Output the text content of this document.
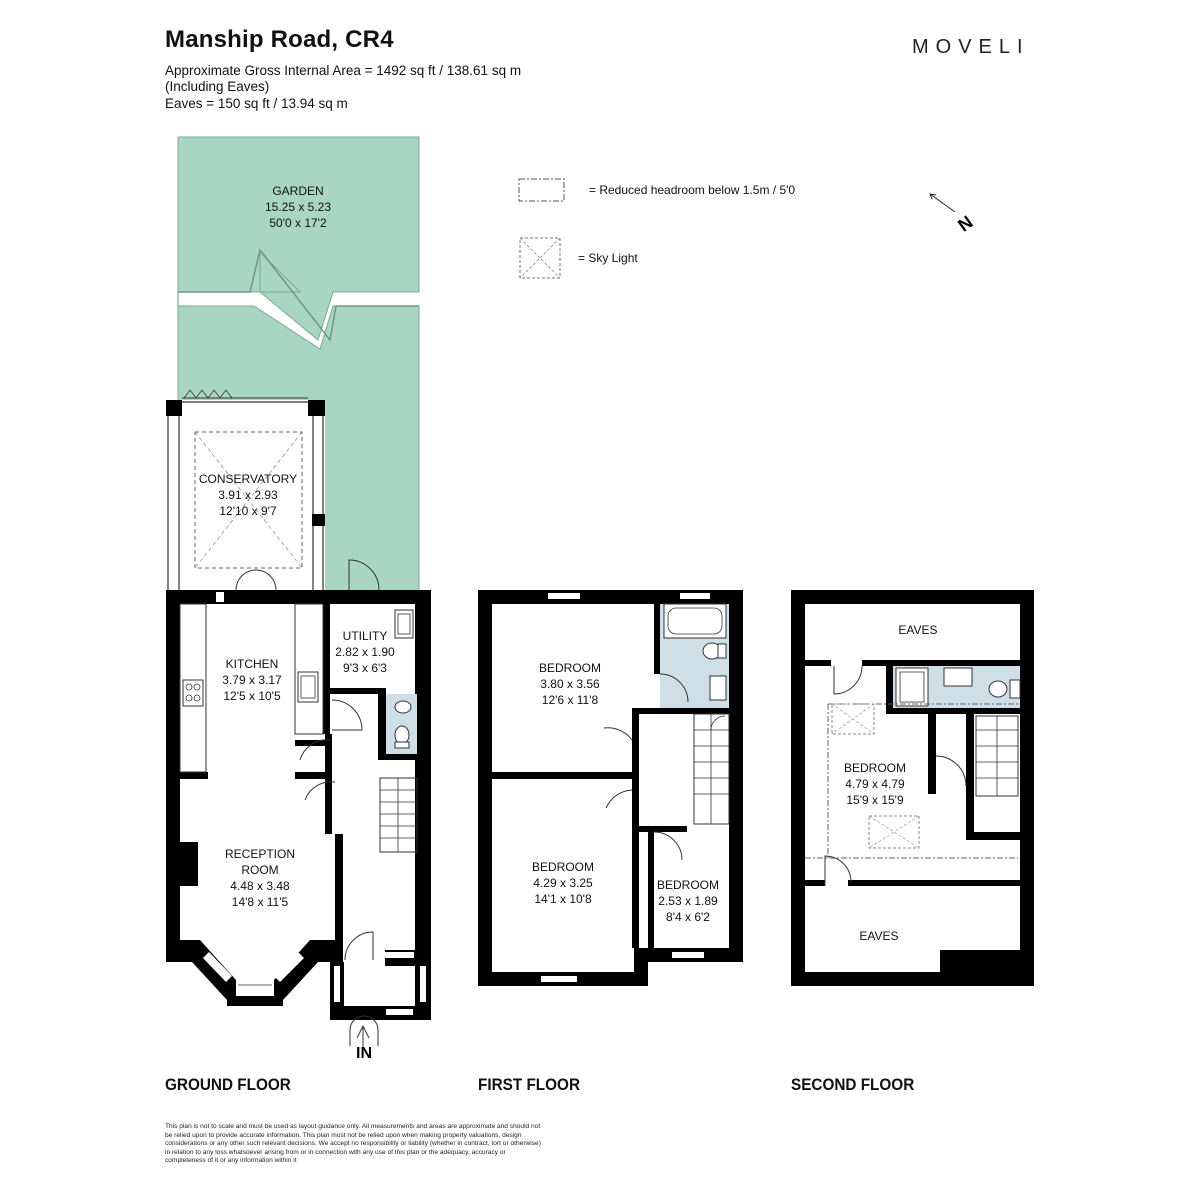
Manship Road, CR4
Approximate Gross Internal Area = 1492 sq ft / 138.61 sq m
(Including Eaves)
Eaves = 150 sq ft / 13.94 sq m
MOVELI
= Reduced headroom below 1.5m / 5'0
= Sky Light
N
CONSERVATORY
3.91 x 2.93
12'10 x 9'7
GARDEN
15.25 x 5.23
50'0 x 17'2
IN
KITCHEN
3.79 x 3.17
12'5 x 10'5
UTILITY
2.82 x 1.90
9'3 x 6'3
RECEPTION
ROOM
4.48 x 3.48
14'8 x 11'5
BEDROOM
3.80 x 3.56
12'6 x 11'8
BEDROOM
4.29 x 3.25
14'1 x 10'8
BEDROOM
2.53 x 1.89
8'4 x 6'2
EAVES
BEDROOM
4.79 x 4.79
15'9 x 15'9
EAVES
GROUND FLOOR	FIRST FLOOR	SECOND FLOOR
This plan is not to scale and must be used as layout guidance only. All measurements and areas are approximate and should not be relied upon to provide accurate information. This plan must not be relied upon when making property valuations, design considerations or any other such relevant decisions. We accept no responsibility or liability (whether in contract, tort or otherwise) in relation to any loss whatsoever arising from or in connection with any use of this plan or the adequacy, accuracy or completeness of it or any information within it
